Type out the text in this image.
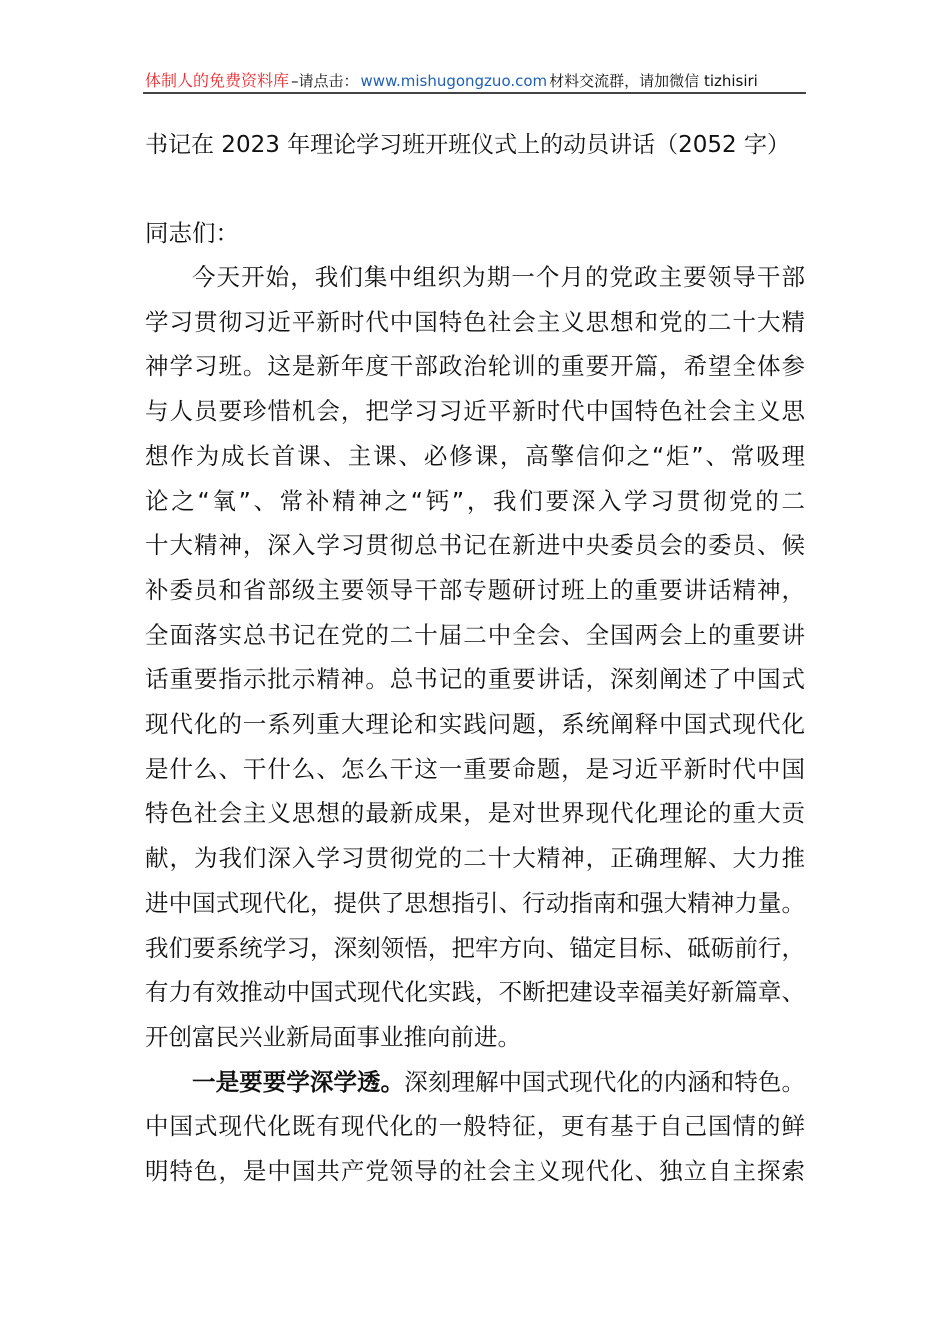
体制人的免费资料库 –请点击： www.mishugongzuo.com 材料交流群，请加微信 tizhisiri
书记在 2023 年理论学习班开班仪式上的动员讲话（2052 字）
同志们：
今天开始，我们集中组织为期一个月的党政主要领导干部
学习贯彻习近平新时代中国特色社会主义思想和党的二十大精
神学习班。这是新年度干部政治轮训的重要开篇，希望全体参
与人员要珍惜机会，把学习习近平新时代中国特色社会主义思
想作为成长首课、主课、必修课，高擎信仰之“炬”、常吸理
论之“氧”、常补精神之“钙”，我们要深入学习贯彻党的二
十大精神，深入学习贯彻总书记在新进中央委员会的委员、候
补委员和省部级主要领导干部专题研讨班上的重要讲话精神，
全面落实总书记在党的二十届二中全会、全国两会上的重要讲
话重要指示批示精神。总书记的重要讲话，深刻阐述了中国式
现代化的一系列重大理论和实践问题，系统阐释中国式现代化
是什么、干什么、怎么干这一重要命题，是习近平新时代中国
特色社会主义思想的最新成果，是对世界现代化理论的重大贡
献，为我们深入学习贯彻党的二十大精神，正确理解、大力推
进中国式现代化，提供了思想指引、行动指南和强大精神力量。
我们要系统学习，深刻领悟，把牢方向、锚定目标、砥砺前行，
有力有效推动中国式现代化实践，不断把建设幸福美好新篇章、
开创富民兴业新局面事业推向前进。
一是要要学深学透。深刻理解中国式现代化的内涵和特色。
中国式现代化既有现代化的一般特征，更有基于自己国情的鲜
明特色，是中国共产党领导的社会主义现代化、独立自主探索
